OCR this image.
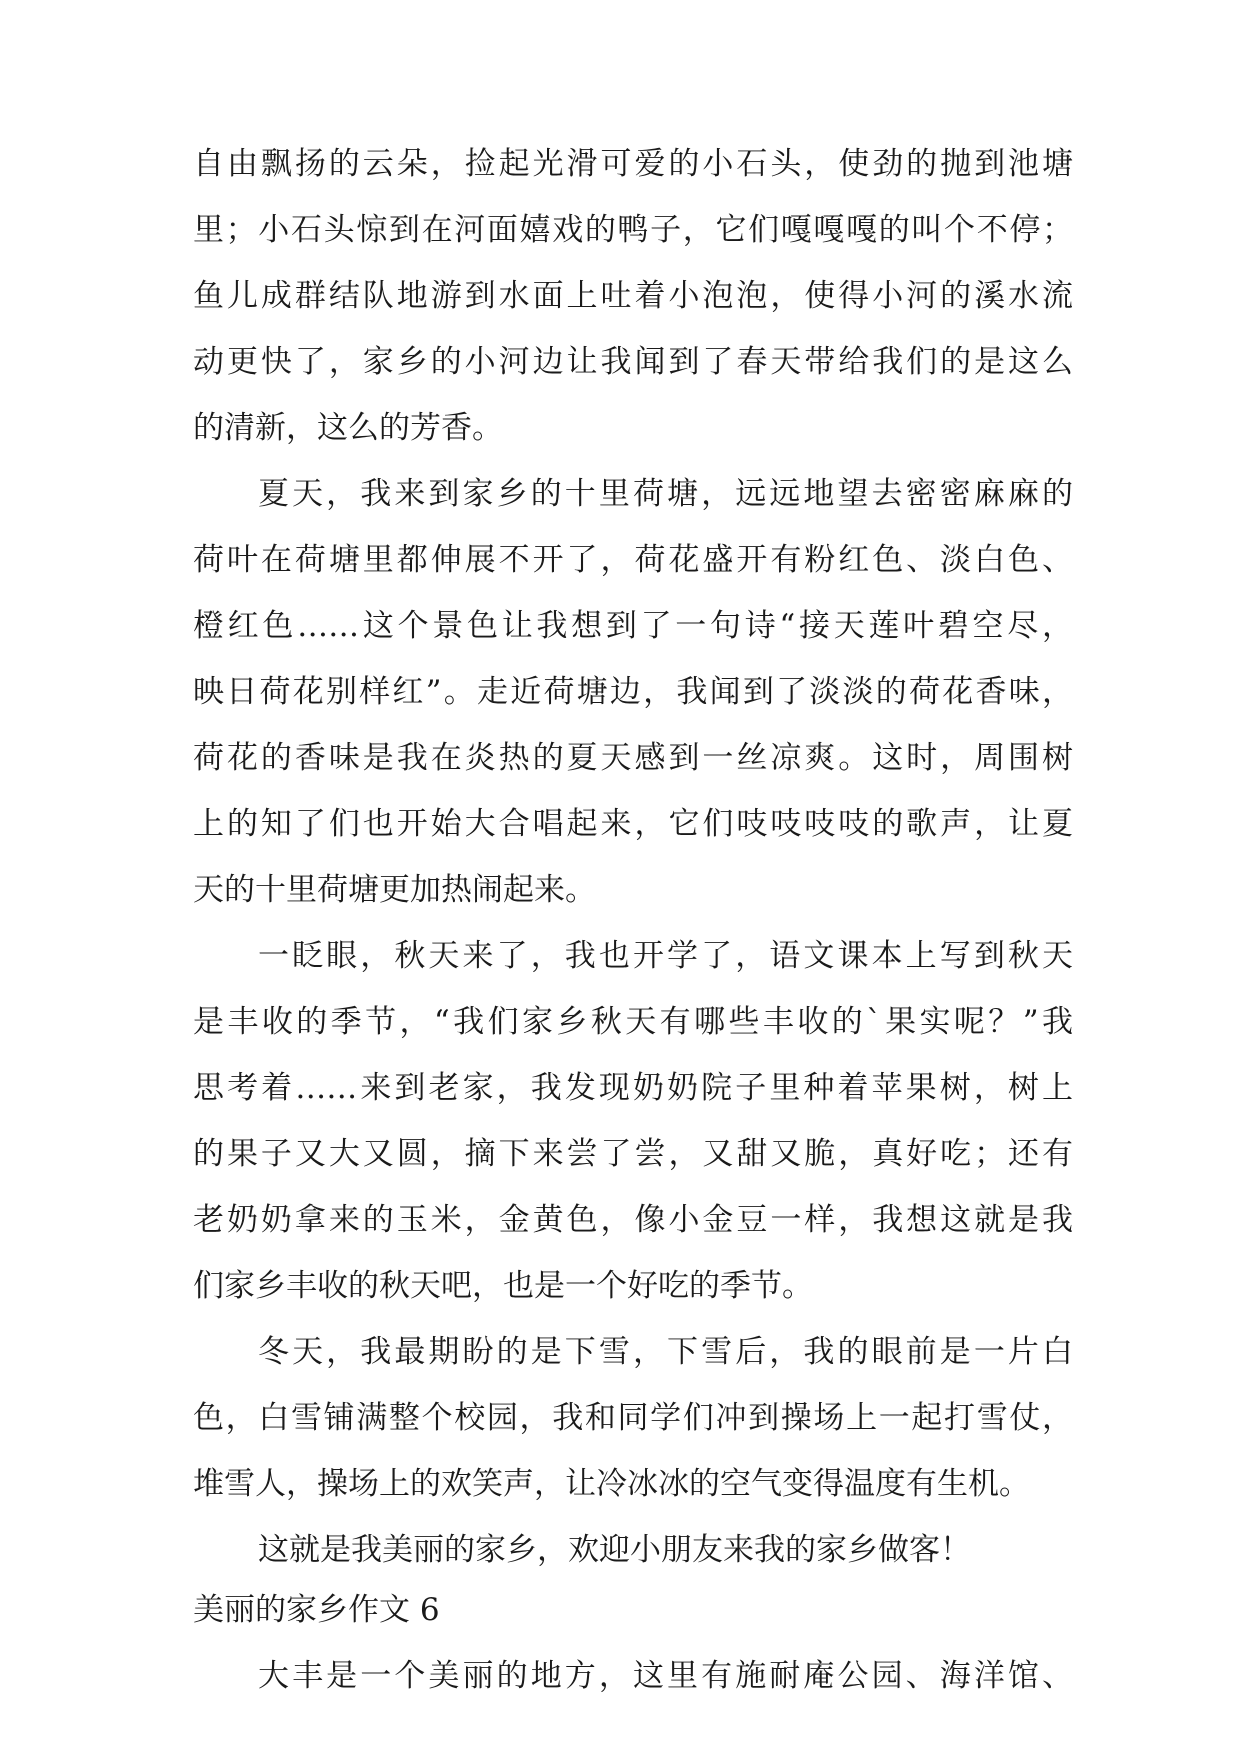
自由飘扬的云朵，捡起光滑可爱的小石头，使劲的抛到池塘
里；小石头惊到在河面嬉戏的鸭子，它们嘎嘎嘎的叫个不停；
鱼儿成群结队地游到水面上吐着小泡泡，使得小河的溪水流
动更快了，家乡的小河边让我闻到了春天带给我们的是这么
的清新，这么的芳香。
夏天，我来到家乡的十里荷塘，远远地望去密密麻麻的
荷叶在荷塘里都伸展不开了，荷花盛开有粉红色、淡白色、
橙红色……这个景色让我想到了一句诗“接天莲叶碧空尽，
映日荷花别样红”。走近荷塘边，我闻到了淡淡的荷花香味，
荷花的香味是我在炎热的夏天感到一丝凉爽。这时，周围树
上的知了们也开始大合唱起来，它们吱吱吱吱的歌声，让夏
天的十里荷塘更加热闹起来。
一眨眼，秋天来了，我也开学了，语文课本上写到秋天
是丰收的季节，“我们家乡秋天有哪些丰收的`果实呢？”我
思考着……来到老家，我发现奶奶院子里种着苹果树，树上
的果子又大又圆，摘下来尝了尝，又甜又脆，真好吃；还有
老奶奶拿来的玉米，金黄色，像小金豆一样，我想这就是我
们家乡丰收的秋天吧，也是一个好吃的季节。
冬天，我最期盼的是下雪，下雪后，我的眼前是一片白
色，白雪铺满整个校园，我和同学们冲到操场上一起打雪仗，
堆雪人，操场上的欢笑声，让冷冰冰的空气变得温度有生机。
这就是我美丽的家乡，欢迎小朋友来我的家乡做客！
美丽的家乡作文 6
大丰是一个美丽的地方，这里有施耐庵公园、海洋馆、
